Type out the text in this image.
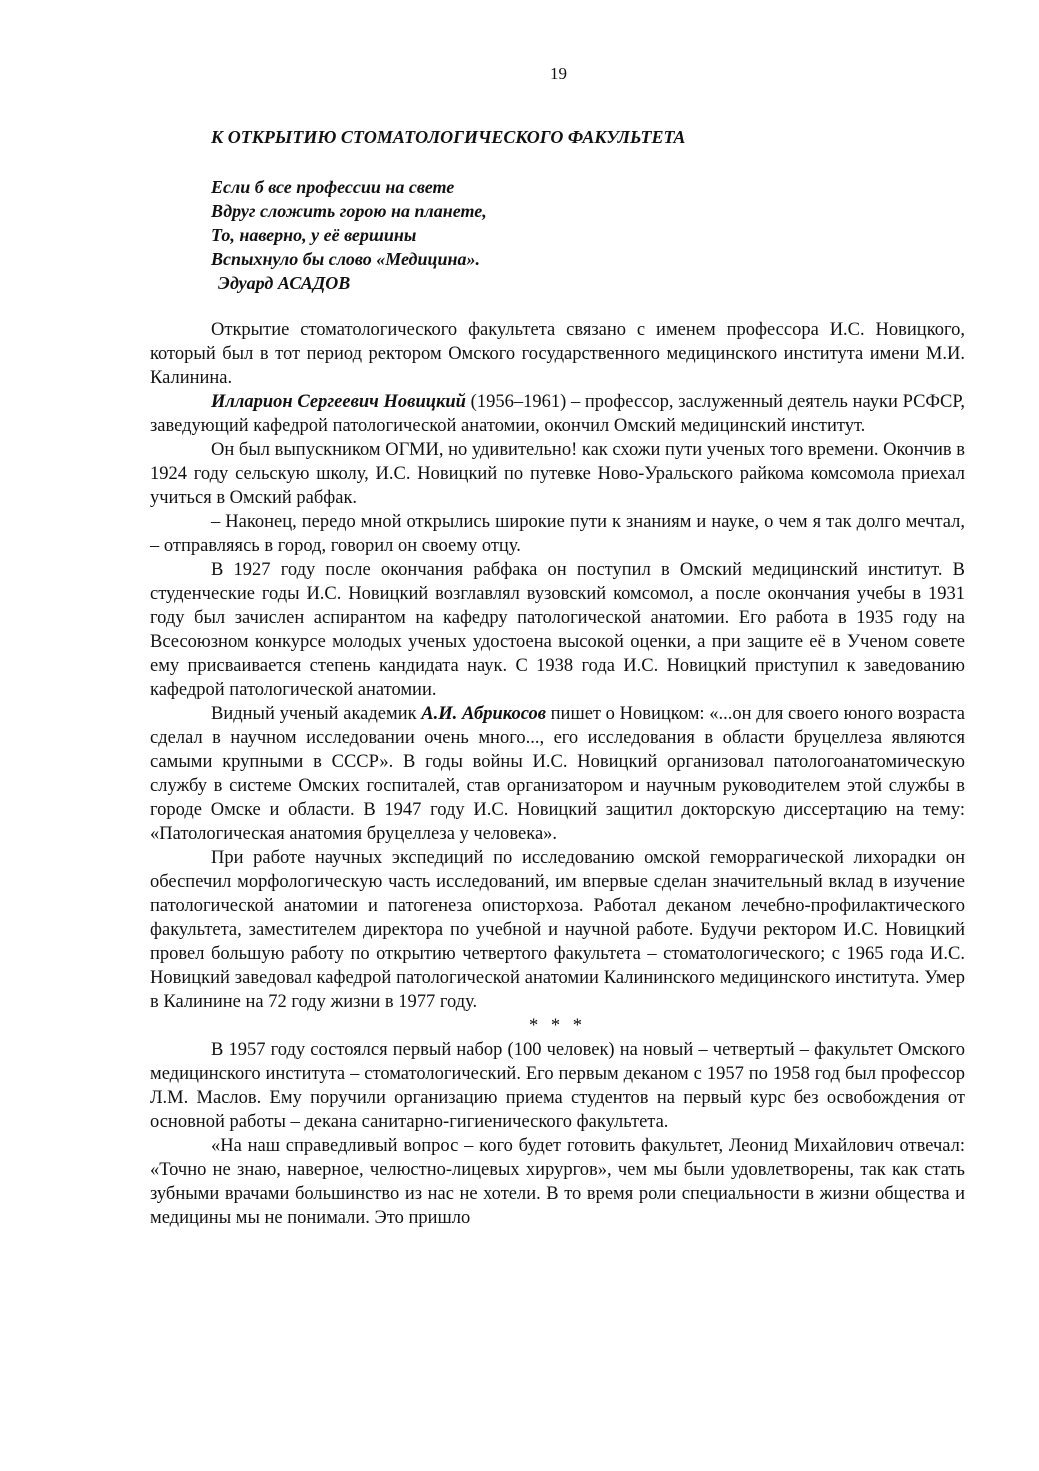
19
К ОТКРЫТИЮ СТОМАТОЛОГИЧЕСКОГО ФАКУЛЬТЕТА
Если б все профессии на свете
Вдруг сложить горою на планете,
То, наверно, у её вершины
Вспыхнуло бы слово «Медицина».
Эдуард АСАДОВ

Открытие стоматологического факультета связано с именем профессора И.С. Новицкого, который был в тот период ректором Омского государственного медицинского института имени М.И. Калинина.

Илларион Сергеевич Новицкий (1956–1961) – профессор, заслуженный деятель науки РСФСР, заведующий кафедрой патологической анатомии, окончил Омский медицинский институт.

Он был выпускником ОГМИ, но удивительно! как схожи пути ученых того времени. Окончив в 1924 году сельскую школу, И.С. Новицкий по путевке Ново-Уральского райкома комсомола приехал учиться в Омский рабфак.

– Наконец, передо мной открылись широкие пути к знаниям и науке, о чем я так долго мечтал, – отправляясь в город, говорил он своему отцу.

В 1927 году после окончания рабфака он поступил в Омский медицинский институт. В студенческие годы И.С. Новицкий возглавлял вузовский комсомол, а после окончания учебы в 1931 году был зачислен аспирантом на кафедру патологической анатомии. Его работа в 1935 году на Всесоюзном конкурсе молодых ученых удостоена высокой оценки, а при защите её в Ученом совете ему присваивается степень кандидата наук. С 1938 года И.С. Новицкий приступил к заведованию кафедрой патологической анатомии.

Видный ученый академик А.И. Абрикосов пишет о Новицком: «...он для своего юного возраста сделал в научном исследовании очень много..., его исследования в области бруцеллеза являются самыми крупными в СССР». В годы войны И.С. Новицкий организовал патологоанатомическую службу в системе Омских госпиталей, став организатором и научным руководителем этой службы в городе Омске и области. В 1947 году И.С. Новицкий защитил докторскую диссертацию на тему: «Патологическая анатомия бруцеллеза у человека».

При работе научных экспедиций по исследованию омской геморрагической лихорадки он обеспечил морфологическую часть исследований, им впервые сделан значительный вклад в изучение патологической анатомии и патогенеза описторхоза. Работал деканом лечебно-профилактического факультета, заместителем директора по учебной и научной работе. Будучи ректором И.С. Новицкий провел большую работу по открытию четвертого факультета – стоматологического; с 1965 года И.С. Новицкий заведовал кафедрой патологической анатомии Калининского медицинского института. Умер в Калинине на 72 году жизни в 1977 году.

* * *

В 1957 году состоялся первый набор (100 человек) на новый – четвертый – факультет Омского медицинского института – стоматологический. Его первым деканом с 1957 по 1958 год был профессор Л.М. Маслов. Ему поручили организацию приема студентов на первый курс без освобождения от основной работы – декана санитарно-гигиенического факультета.

«На наш справедливый вопрос – кого будет готовить факультет, Леонид Михайлович отвечал: «Точно не знаю, наверное, челюстно-лицевых хирургов», чем мы были удовлетворены, так как стать зубными врачами большинство из нас не хотели. В то время роли специальности в жизни общества и медицины мы не понимали. Это пришло
